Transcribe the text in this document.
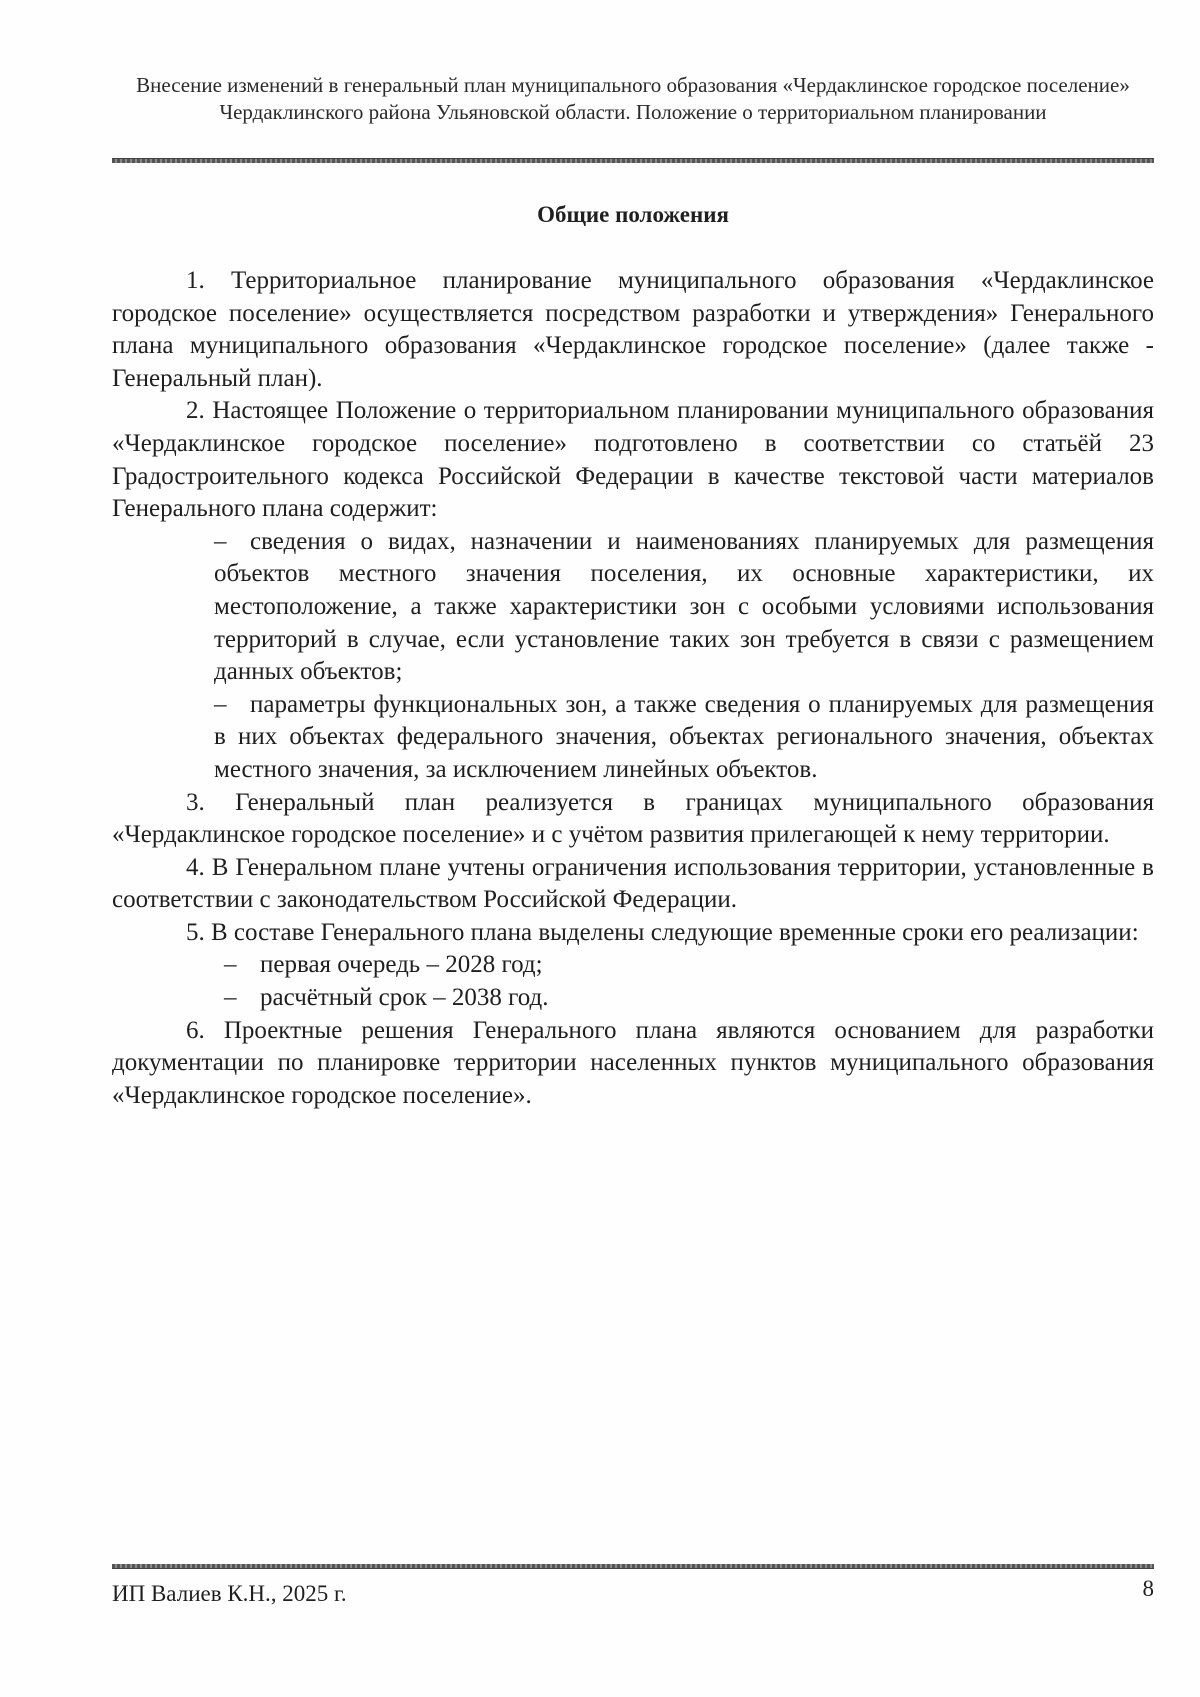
Внесение изменений в генеральный план муниципального образования «Чердаклинское городское поселение» Чердаклинского района Ульяновской области. Положение о территориальном планировании
Общие положения

1. Территориальное планирование муниципального образования «Чердаклинское городское поселение» осуществляется посредством разработки и утверждения» Генерального плана муниципального образования «Чердаклинское городское поселение» (далее также - Генеральный план).

2. Настоящее Положение о территориальном планировании муниципального образования «Чердаклинское городское поселение» подготовлено в соответствии со статьёй 23 Градостроительного кодекса Российской Федерации в качестве текстовой части материалов Генерального плана содержит:

– сведения о видах, назначении и наименованиях планируемых для размещения объектов местного значения поселения, их основные характеристики, их местоположение, а также характеристики зон с особыми условиями использования территорий в случае, если установление таких зон требуется в связи с размещением данных объектов;
– параметры функциональных зон, а также сведения о планируемых для размещения в них объектах федерального значения, объектах регионального значения, объектах местного значения, за исключением линейных объектов.

3. Генеральный план реализуется в границах муниципального образования «Чердаклинское городское поселение» и с учётом развития прилегающей к нему территории.

4. В Генеральном плане учтены ограничения использования территории, установленные в соответствии с законодательством Российской Федерации.

5. В составе Генерального плана выделены следующие временные сроки его реализации:

– первая очередь – 2028 год;
– расчётный срок – 2038 год.

6. Проектные решения Генерального плана являются основанием для разработки документации по планировке территории населенных пунктов муниципального образования «Чердаклинское городское поселение».

ИП Валиев К.Н., 2025 г.	8
